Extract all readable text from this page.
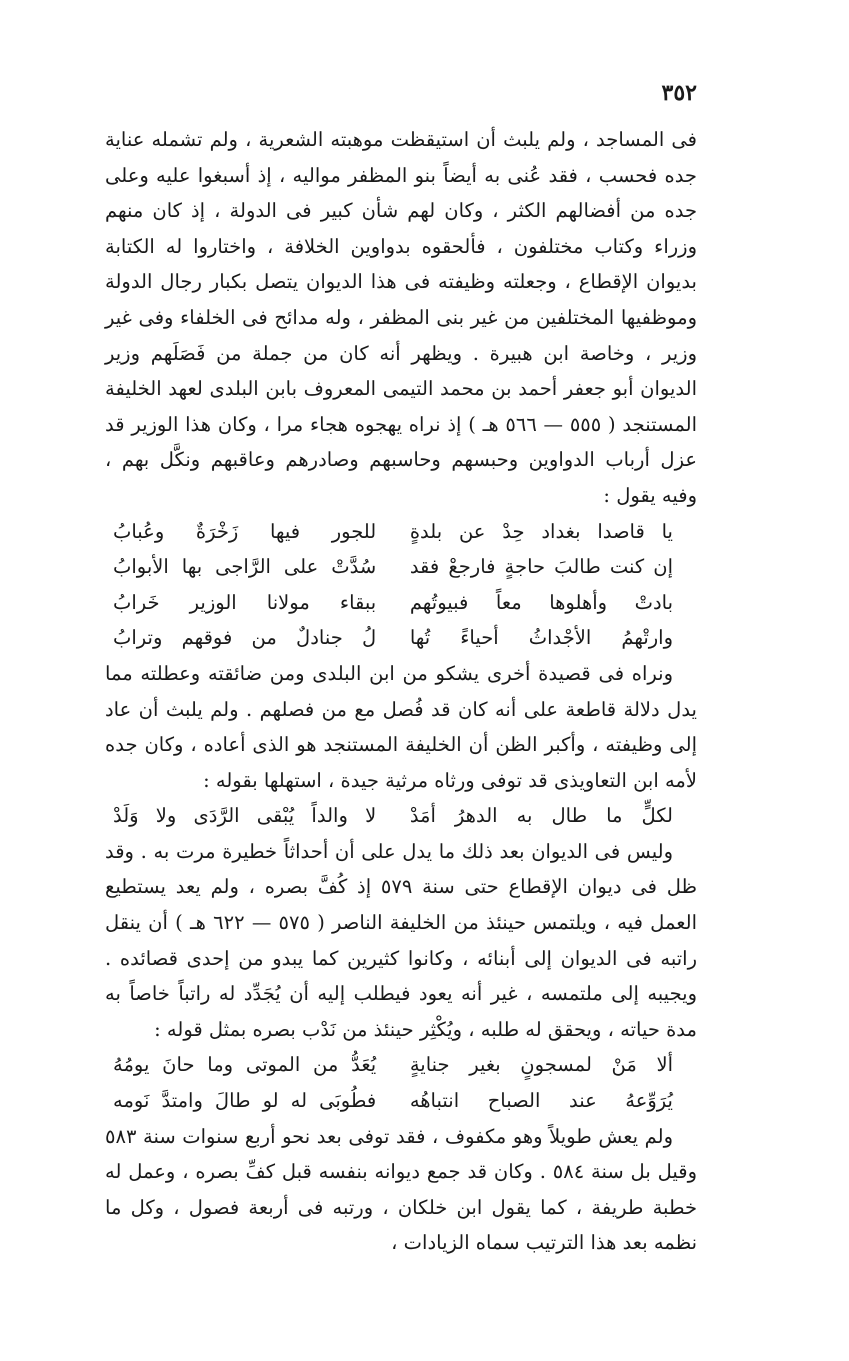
٣٥٢

فى المساجد ، ولم يلبث أن استيقظت موهبته الشعرية ، ولم تشمله عناية جده فحسب ، فقد عُنى به أيضاً بنو المظفر مواليه ، إذ أسبغوا عليه وعلى جده من أفضالهم الكثر ، وكان لهم شأن كبير فى الدولة ، إذ كان منهم وزراء وكتاب مختلفون ، فألحقوه بدواوين الخلافة ، واختاروا له الكتابة بديوان الإقطاع ، وجعلته وظيفته فى هذا الديوان يتصل بكبار رجال الدولة وموظفيها المختلفين من غير بنى المظفر ، وله مدائح فى الخلفاء وفى غير وزير ، وخاصة ابن هبيرة . ويظهر أنه كان من جملة من فَصَلَهم وزير الديوان أبو جعفر أحمد بن محمد التيمى المعروف بابن البلدى لعهد الخليفة المستنجد ( ٥٥٥ — ٥٦٦ هـ ) إذ نراه يهجوه هجاء مرا ، وكان هذا الوزير قد عزل أرباب الدواوين وحبسهم وحاسبهم وصادرهم وعاقبهم ونكَّل بهم ، وفيه يقول :

يا قاصدا بغداد حِدْ عن بلدةٍ
للجور فيها زَخْرَةٌ وعُبابُ
إن كنت طالبَ حاجةٍ فارجعْ فقد
سُدَّتْ على الرَّاجى بها الأبوابُ
بادتْ وأهلوها معاً فبيوتُهم
ببقاء مولانا الوزير خَرابُ
وارتْهمُ الأجْداثُ أحياءً تُها
لُ جنادلٌ من فوقهم وترابُ

ونراه فى قصيدة أخرى يشكو من ابن البلدى ومن ضائقته وعطلته مما يدل دلالة قاطعة على أنه كان قد فُصل مع من فصلهم . ولم يلبث أن عاد إلى وظيفته ، وأكبر الظن أن الخليفة المستنجد هو الذى أعاده ، وكان جده لأمه ابن التعاويذى قد توفى ورثاه مرثية جيدة ، استهلها بقوله :

لكلٍّ ما طال به الدهرُ أمَدْ
لا والداً يُبْقى الرَّدَى ولا وَلَدْ

وليس فى الديوان بعد ذلك ما يدل على أن أحداثاً خطيرة مرت به . وقد ظل فى ديوان الإقطاع حتى سنة ٥٧٩ إذ كُفَّ بصره ، ولم يعد يستطيع العمل فيه ، ويلتمس حينئذ من الخليفة الناصر ( ٥٧٥ — ٦٢٢ هـ ) أن ينقل راتبه فى الديوان إلى أبنائه ، وكانوا كثيرين كما يبدو من إحدى قصائده . ويجيبه إلى ملتمسه ، غير أنه يعود فيطلب إليه أن يُجَدِّد له راتباً خاصاً به مدة حياته ، ويحقق له طلبه ، ويُكْثِر حينئذ من نَدْب بصره بمثل قوله :

ألا مَنْ لمسجونٍ بغير جنايةٍ
يُعَدُّ من الموتى وما حانَ يومُهُ
يُرَوِّعهُ عند الصباح انتباهُه
فطُوبَى له لو طالَ وامتدَّ نَومه

ولم يعش طويلاً وهو مكفوف ، فقد توفى بعد نحو أربع سنوات سنة ٥٨٣ وقيل بل سنة ٥٨٤ . وكان قد جمع ديوانه بنفسه قبل كفِّ بصره ، وعمل له خطبة طريفة ، كما يقول ابن خلكان ، ورتبه فى أربعة فصول ، وكل ما نظمه بعد هذا الترتيب سماه الزيادات ،
